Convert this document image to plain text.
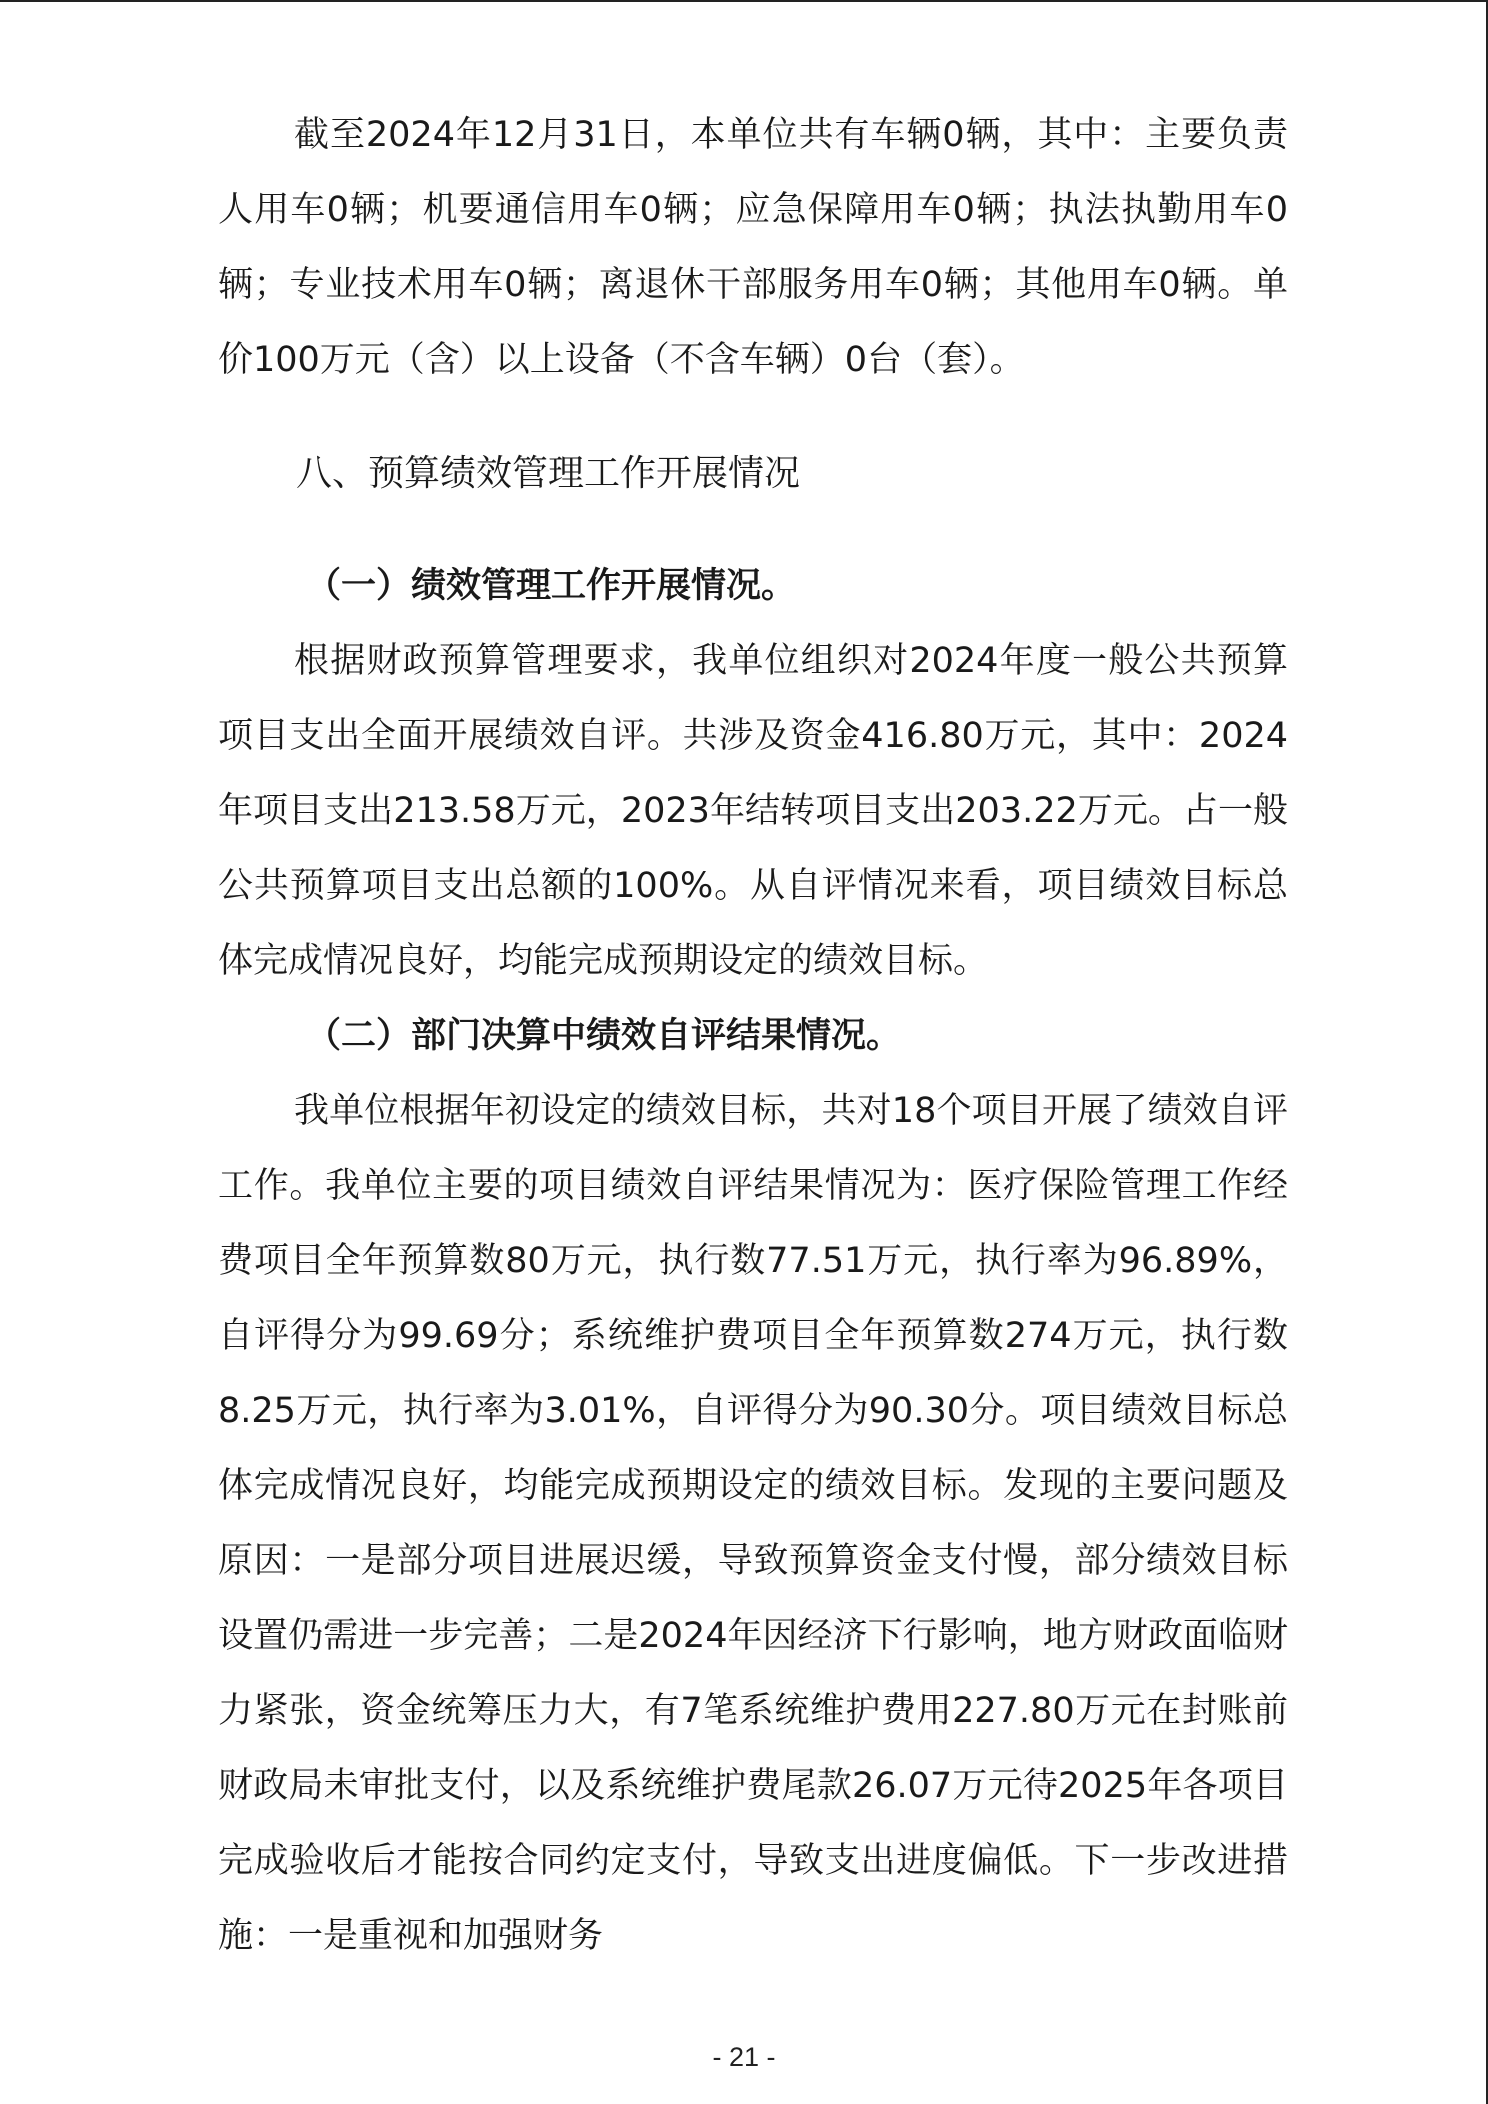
截至2024年12月31日，本单位共有车辆0辆，其中：主要负责人用车0辆；机要通信用车0辆；应急保障用车0辆；执法执勤用车0辆；专业技术用车0辆；离退休干部服务用车0辆；其他用车0辆。单价100万元（含）以上设备（不含车辆）0台（套）。

八、预算绩效管理工作开展情况

（一）绩效管理工作开展情况。

根据财政预算管理要求，我单位组织对2024年度一般公共预算项目支出全面开展绩效自评。共涉及资金416.80万元，其中：2024年项目支出213.58万元，2023年结转项目支出203.22万元。占一般公共预算项目支出总额的100%。从自评情况来看，项目绩效目标总体完成情况良好，均能完成预期设定的绩效目标。

（二）部门决算中绩效自评结果情况。

我单位根据年初设定的绩效目标，共对18个项目开展了绩效自评工作。我单位主要的项目绩效自评结果情况为：医疗保险管理工作经费项目全年预算数80万元，执行数77.51万元，执行率为96.89%，自评得分为99.69分；系统维护费项目全年预算数274万元，执行数8.25万元，执行率为3.01%，自评得分为90.30分。项目绩效目标总体完成情况良好，均能完成预期设定的绩效目标。发现的主要问题及原因：一是部分项目进展迟缓，导致预算资金支付慢，部分绩效目标设置仍需进一步完善；二是2024年因经济下行影响，地方财政面临财力紧张，资金统筹压力大，有7笔系统维护费用227.80万元在封账前财政局未审批支付，以及系统维护费尾款26.07万元待2025年各项目完成验收后才能按合同约定支付，导致支出进度偏低。下一步改进措施：一是重视和加强财务

- 21 -
